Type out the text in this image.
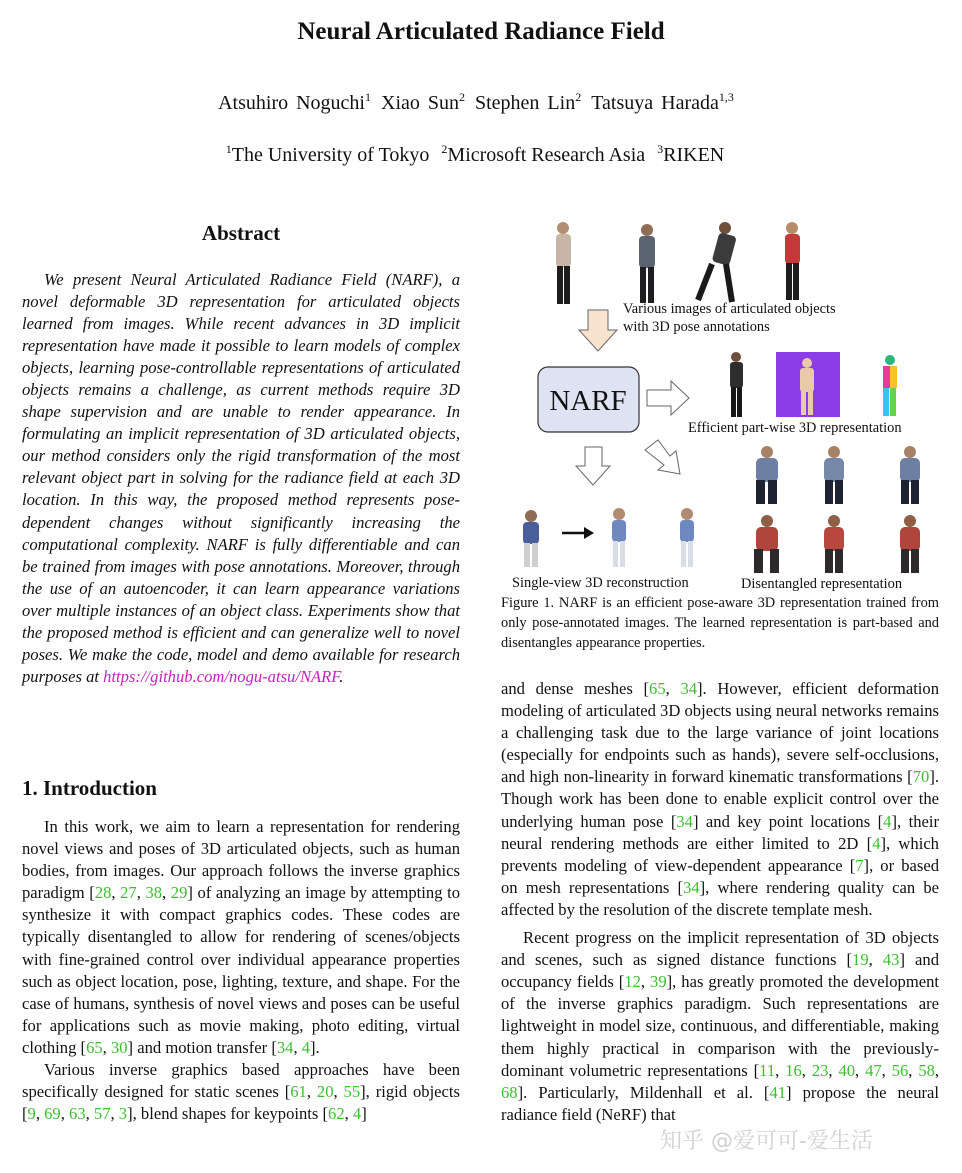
Neural Articulated Radiance Field
Atsuhiro Noguchi$^1$ Xiao Sun$^2$ Stephen Lin$^2$ Tatsuya Harada$^{1,3}$
$^1$The University of Tokyo $^2$Microsoft Research Asia $^3$RIKEN
Abstract
We present Neural Articulated Radiance Field (NARF), a novel deformable 3D representation for articulated objects learned from images. While recent advances in 3D implicit representation have made it possible to learn models of complex objects, learning pose-controllable representations of articulated objects remains a challenge, as current methods require 3D shape supervision and are unable to render appearance. In formulating an implicit representation of 3D articulated objects, our method considers only the rigid transformation of the most relevant object part in solving for the radiance field at each 3D location. In this way, the proposed method represents pose-dependent changes without significantly increasing the computational complexity. NARF is fully differentiable and can be trained from images with pose annotations. Moreover, through the use of an autoencoder, it can learn appearance variations over multiple instances of an object class. Experiments show that the proposed method is efficient and can generalize well to novel poses. We make the code, model and demo available for research purposes at https://github.com/nogu-atsu/NARF.
1. Introduction

In this work, we aim to learn a representation for rendering novel views and poses of 3D articulated objects, such as human bodies, from images. Our approach follows the inverse graphics paradigm [28, 27, 38, 29] of analyzing an image by attempting to synthesize it with compact graphics codes. These codes are typically disentangled to allow for rendering of scenes/objects with fine-grained control over individual appearance properties such as object location, pose, lighting, texture, and shape. For the case of humans, synthesis of novel views and poses can be useful for applications such as movie making, photo editing, virtual clothing [65, 30] and motion transfer [34, 4].

Various inverse graphics based approaches have been specifically designed for static scenes [61, 20, 55], rigid objects [9, 69, 63, 57, 3], blend shapes for keypoints [62, 4]

Various images of articulated objects
with 3D pose annotations
NARF
Efficient part-wise 3D representation
Single-view 3D reconstruction	Disentangled representation
Figure 1. NARF is an efficient pose-aware 3D representation trained from only pose-annotated images. The learned representation is part-based and disentangles appearance properties.

and dense meshes [65, 34]. However, efficient deformation modeling of articulated 3D objects using neural networks remains a challenging task due to the large variance of joint locations (especially for endpoints such as hands), severe self-occlusions, and high non-linearity in forward kinematic transformations [70]. Though work has been done to enable explicit control over the underlying human pose [34] and key point locations [4], their neural rendering methods are either limited to 2D [4], which prevents modeling of view-dependent appearance [7], or based on mesh representations [34], where rendering quality can be affected by the resolution of the discrete template mesh.

Recent progress on the implicit representation of 3D objects and scenes, such as signed distance functions [19, 43] and occupancy fields [12, 39], has greatly promoted the development of the inverse graphics paradigm. Such representations are lightweight in model size, continuous, and differentiable, making them highly practical in comparison with the previously-dominant volumetric representations [11, 16, 23, 40, 47, 56, 58, 68]. Particularly, Mildenhall et al. [41] propose the neural radiance field (NeRF) that

知乎 @爱可可-爱生活
